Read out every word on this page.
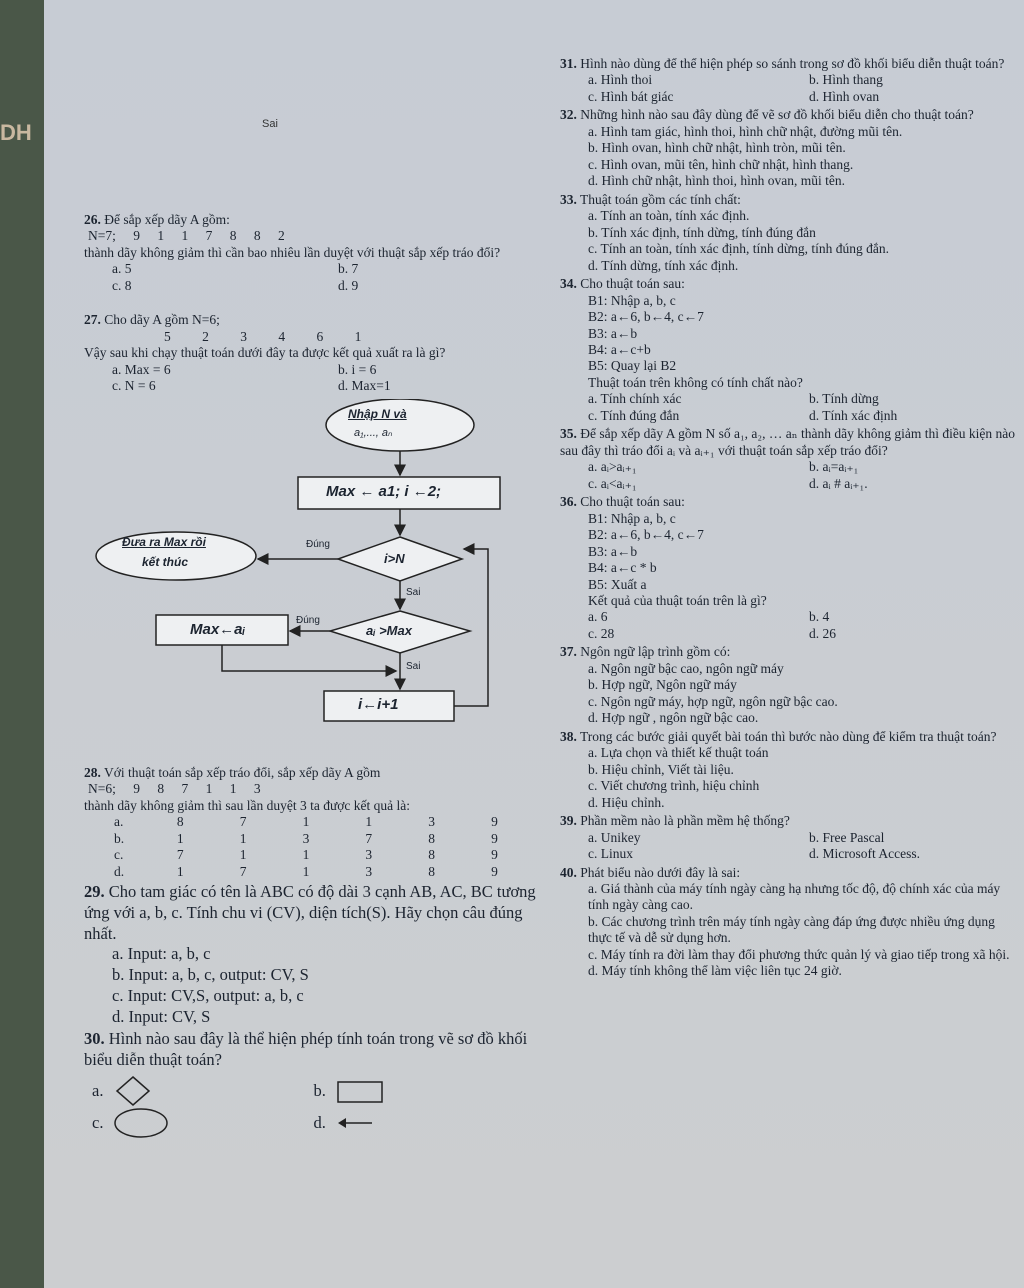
DH	Sai
26. Để sắp xếp dãy A gồm:
N=7; 9 1 1 7 8 8 2
thành dãy không giảm thì cần bao nhiêu lần duyệt với thuật sắp xếp tráo đổi?
a. 5	b. 7
c. 8	d. 9
27. Cho dãy A gồm N=6;
5 2 3 4 6 1
Vậy sau khi chạy thuật toán dưới đây ta được kết quả xuất ra là gì?
a. Max = 6	b. i = 6
c. N = 6	d. Max=1
Nhập N và
a₁,..., aₙ
Max ← a1; i ←2;
Đưa ra Max rồi
kết thúc	i>N
Đúng
Sai
Max←aᵢ
Đúng
aᵢ >Max
Sai
i←i+1
28. Với thuật toán sắp xếp tráo đổi, sắp xếp dãy A gồm
N=6; 9 8 7 1 1 3
thành dãy không giảm thì sau lần duyệt 3 ta được kết quả là:
a.	8	7	1	1	3	9
b.	1	1	3	7	8	9
c.	7	1	1	3	8	9
d.	1	7	1	3	8	9
29. Cho tam giác có tên là ABC có độ dài 3 cạnh AB, AC, BC tương ứng với a, b, c. Tính chu vi (CV), diện tích(S). Hãy chọn câu đúng nhất.
a. Input: a, b, c
b. Input: a, b, c, output: CV, S
c. Input: CV,S, output: a, b, c
d. Input: CV, S
30. Hình nào sau đây là thể hiện phép tính toán trong vẽ sơ đồ khối biểu diễn thuật toán?
a.	b.
c.	d.
31. Hình nào dùng để thể hiện phép so sánh trong sơ đồ khối biểu diễn thuật toán?
a. Hình thoi	b. Hình thang
c. Hình bát giác	d. Hình ovan
32. Những hình nào sau đây dùng để vẽ sơ đồ khối biểu diễn cho thuật toán?
a. Hình tam giác, hình thoi, hình chữ nhật, đường mũi tên.
b. Hình ovan, hình chữ nhật, hình tròn, mũi tên.
c. Hình ovan, mũi tên, hình chữ nhật, hình thang.
d. Hình chữ nhật, hình thoi, hình ovan, mũi tên.
33. Thuật toán gồm các tính chất:
a. Tính an toàn, tính xác định.
b. Tính xác định, tính dừng, tính đúng đắn
c. Tính an toàn, tính xác định, tính dừng, tính đúng đắn.
d. Tính dừng, tính xác định.
34. Cho thuật toán sau:
B1: Nhập a, b, c
B2: a←6, b←4, c←7
B3: a←b
B4: a←c+b
B5: Quay lại B2
Thuật toán trên không có tính chất nào?
a. Tính chính xác	b. Tính dừng
c. Tính đúng đắn	d. Tính xác định
35. Để sắp xếp dãy A gồm N số a₁, a₂, … aₙ thành dãy không giảm thì điều kiện nào sau đây thì tráo đổi aᵢ và aᵢ₊₁ với thuật toán sắp xếp tráo đổi?
a. aᵢ>aᵢ₊₁	b. aᵢ=aᵢ₊₁
c. aᵢ<aᵢ₊₁	d. aᵢ # aᵢ₊₁.
36. Cho thuật toán sau:
B1: Nhập a, b, c
B2: a←6, b←4, c←7
B3: a←b
B4: a←c * b
B5: Xuất a
Kết quả của thuật toán trên là gì?
a. 6	b. 4
c. 28	d. 26
37. Ngôn ngữ lập trình gồm có:
a. Ngôn ngữ bậc cao, ngôn ngữ máy
b. Hợp ngữ, Ngôn ngữ máy
c. Ngôn ngữ máy, hợp ngữ, ngôn ngữ bậc cao.
d. Hợp ngữ , ngôn ngữ bậc cao.
38. Trong các bước giải quyết bài toán thì bước nào dùng để kiểm tra thuật toán?
a. Lựa chọn và thiết kế thuật toán
b. Hiệu chỉnh, Viết tài liệu.
c. Viết chương trình, hiệu chỉnh
d. Hiệu chỉnh.
39. Phần mềm nào là phần mềm hệ thống?
a. Unikey	b. Free Pascal
c. Linux	d. Microsoft Access.
40. Phát biểu nào dưới đây là sai:
a. Giá thành của máy tính ngày càng hạ nhưng tốc độ, độ chính xác của máy tính ngày càng cao.
b. Các chương trình trên máy tính ngày càng đáp ứng được nhiều ứng dụng thực tế và dễ sử dụng hơn.
c. Máy tính ra đời làm thay đổi phương thức quản lý và giao tiếp trong xã hội.
d. Máy tính không thể làm việc liên tục 24 giờ.
